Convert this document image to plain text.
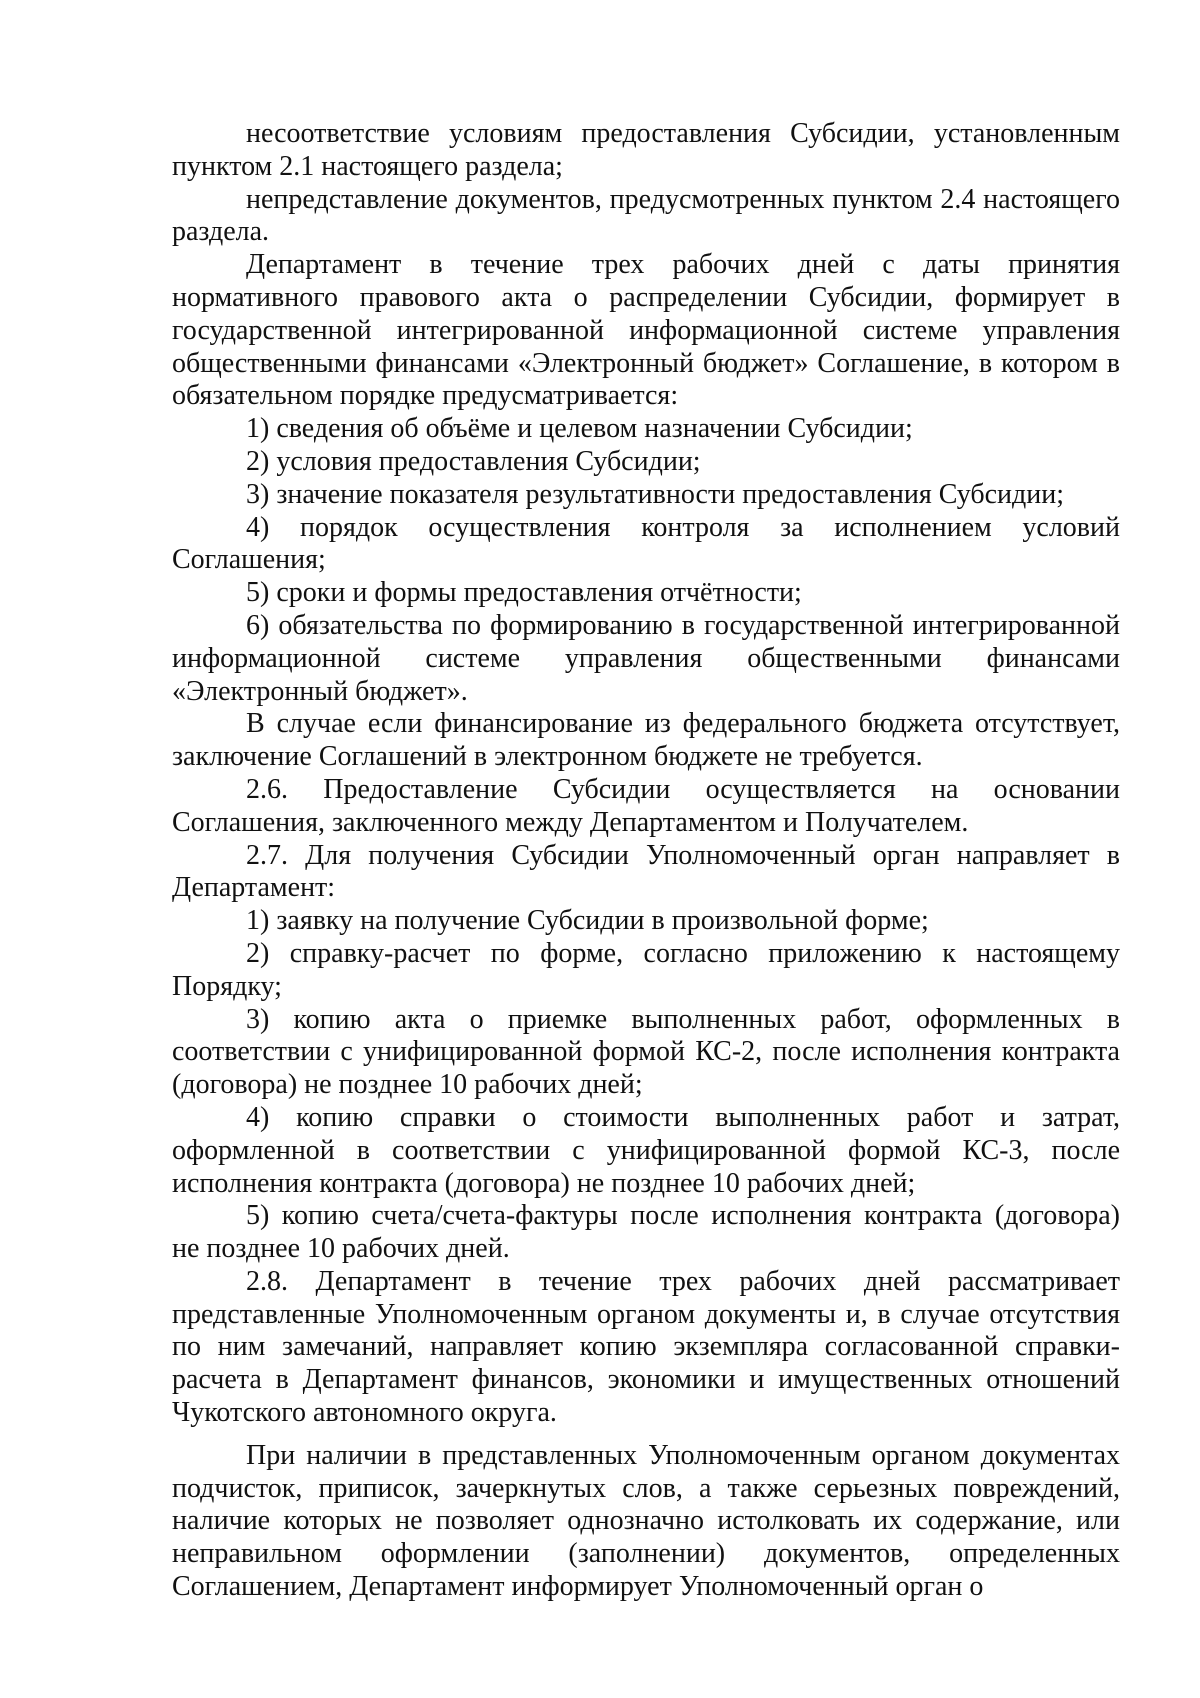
несоответствие условиям предоставления Субсидии, установленным пунктом 2.1 настоящего раздела;

непредставление документов, предусмотренных пунктом 2.4 настоящего раздела.

Департамент в течение трех рабочих дней с даты принятия нормативного правового акта о распределении Субсидии, формирует в государственной интегрированной информационной системе управления общественными финансами «Электронный бюджет» Соглашение, в котором в обязательном порядке предусматривается:

1) сведения об объёме и целевом назначении Субсидии;

2) условия предоставления Субсидии;

3) значение показателя результативности предоставления Субсидии;

4) порядок осуществления контроля за исполнением условий Соглашения;

5) сроки и формы предоставления отчётности;

6) обязательства по формированию в государственной интегрированной информационной системе управления общественными финансами «Электронный бюджет».

В случае если финансирование из федерального бюджета отсутствует, заключение Соглашений в электронном бюджете не требуется.

2.6. Предоставление Субсидии осуществляется на основании Соглашения, заключенного между Департаментом и Получателем.

2.7. Для получения Субсидии Уполномоченный орган направляет в Департамент:

1) заявку на получение Субсидии в произвольной форме;

2) справку-расчет по форме, согласно приложению к настоящему Порядку;

3) копию акта о приемке выполненных работ, оформленных в соответствии с унифицированной формой КС-2, после исполнения контракта (договора) не позднее 10 рабочих дней;

4) копию справки о стоимости выполненных работ и затрат, оформленной в соответствии с унифицированной формой КС-3, после исполнения контракта (договора) не позднее 10 рабочих дней;

5) копию счета/счета-фактуры после исполнения контракта (договора) не позднее 10 рабочих дней.

2.8. Департамент в течение трех рабочих дней рассматривает представленные Уполномоченным органом документы и, в случае отсутствия по ним замечаний, направляет копию экземпляра согласованной справки-расчета в Департамент финансов, экономики и имущественных отношений Чукотского автономного округа.

При наличии в представленных Уполномоченным органом документах подчисток, приписок, зачеркнутых слов, а также серьезных повреждений, наличие которых не позволяет однозначно истолковать их содержание, или неправильном оформлении (заполнении) документов, определенных Соглашением, Департамент информирует Уполномоченный орган о
